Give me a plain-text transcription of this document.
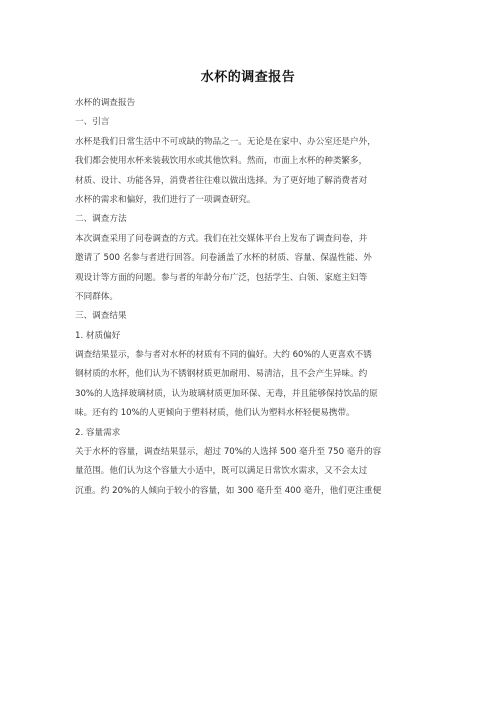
水杯的调查报告
水杯的调查报告
一、引言
水杯是我们日常生活中不可或缺的物品之一。无论是在家中、办公室还是户外，
我们都会使用水杯来装载饮用水或其他饮料。然而，市面上水杯的种类繁多，
材质、设计、功能各异，消费者往往难以做出选择。为了更好地了解消费者对
水杯的需求和偏好，我们进行了一项调查研究。
二、调查方法
本次调查采用了问卷调查的方式。我们在社交媒体平台上发布了调查问卷，并
邀请了 500 名参与者进行回答。问卷涵盖了水杯的材质、容量、保温性能、外
观设计等方面的问题。参与者的年龄分布广泛，包括学生、白领、家庭主妇等
不同群体。
三、调查结果
1. 材质偏好
调查结果显示，参与者对水杯的材质有不同的偏好。大约 60%的人更喜欢不锈
钢材质的水杯，他们认为不锈钢材质更加耐用、易清洁，且不会产生异味。约
30%的人选择玻璃材质，认为玻璃材质更加环保、无毒，并且能够保持饮品的原
味。还有约 10%的人更倾向于塑料材质，他们认为塑料水杯轻便易携带。
2. 容量需求
关于水杯的容量，调查结果显示，超过 70%的人选择 500 毫升至 750 毫升的容
量范围。他们认为这个容量大小适中，既可以满足日常饮水需求，又不会太过
沉重。约 20%的人倾向于较小的容量，如 300 毫升至 400 毫升，他们更注重便
